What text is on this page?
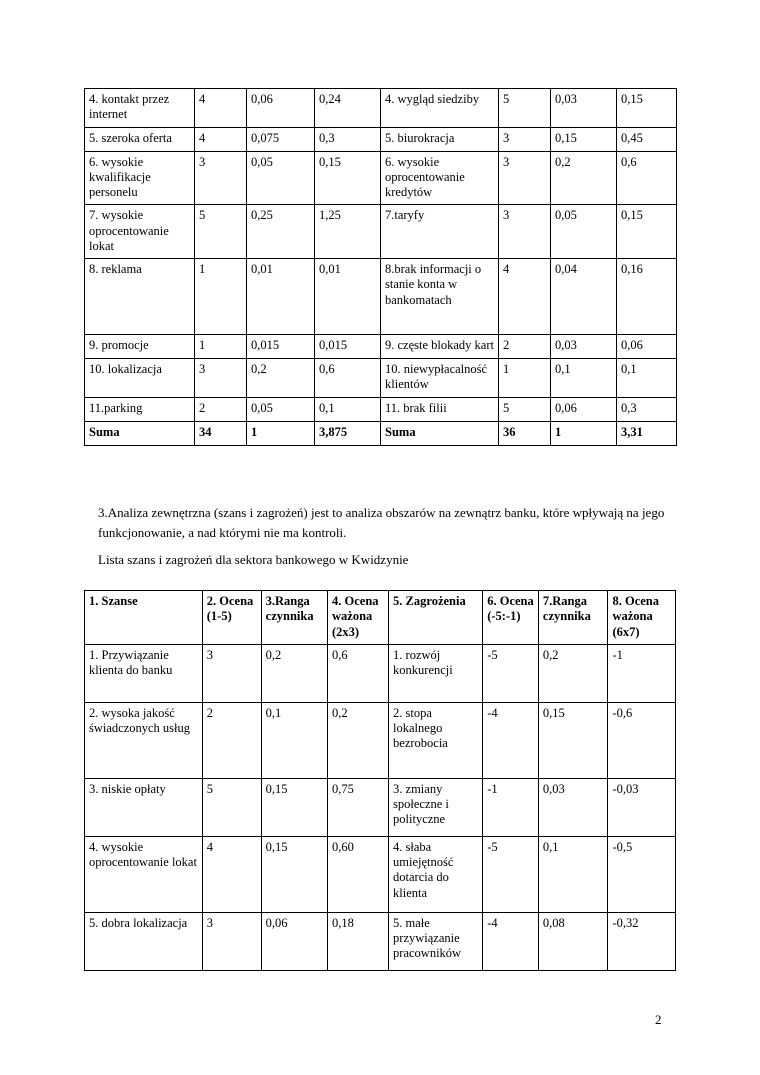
4. kontakt przez internet	4	0,06	0,24	4. wygląd siedziby	5	0,03	0,15
5. szeroka oferta	4	0,075	0,3	5. biurokracja	3	0,15	0,45
6. wysokie kwalifikacje personelu	3	0,05	0,15	6. wysokie oprocentowanie kredytów	3	0,2	0,6
7. wysokie oprocentowanie lokat	5	0,25	1,25	7.taryfy	3	0,05	0,15
8. reklama	1	0,01	0,01	8.brak informacji o stanie konta w bankomatach	4	0,04	0,16
9. promocje	1	0,015	0,015	9. częste blokady kart	2	0,03	0,06
10. lokalizacja	3	0,2	0,6	10. niewypłacalność klientów	1	0,1	0,1
11.parking	2	0,05	0,1	11. brak filii	5	0,06	0,3
Suma	34	1	3,875	Suma	36	1	3,31

3.Analiza zewnętrzna (szans i zagrożeń) jest to analiza obszarów na zewnątrz banku, które wpływają na jego funkcjonowanie, a nad którymi nie ma kontroli.

Lista szans i zagrożeń dla sektora bankowego w Kwidzynie
1. Szanse	2. Ocena (1-5)	3.Ranga czynnika	4. Ocena ważona (2x3)	5. Zagrożenia	6. Ocena (-5:-1)	7.Ranga czynnika	8. Ocena ważona (6x7)
1. Przywiązanie klienta do banku	3	0,2	0,6	1. rozwój konkurencji	-5	0,2	-1
2. wysoka jakość świadczonych usług	2	0,1	0,2	2. stopa lokalnego bezrobocia	-4	0,15	-0,6
3. niskie opłaty	5	0,15	0,75	3. zmiany społeczne i polityczne	-1	0,03	-0,03
4. wysokie oprocentowanie lokat	4	0,15	0,60	4. słaba umiejętność dotarcia do klienta	-5	0,1	-0,5
5. dobra lokalizacja	3	0,06	0,18	5. małe przywiązanie pracowników	-4	0,08	-0,32
2
